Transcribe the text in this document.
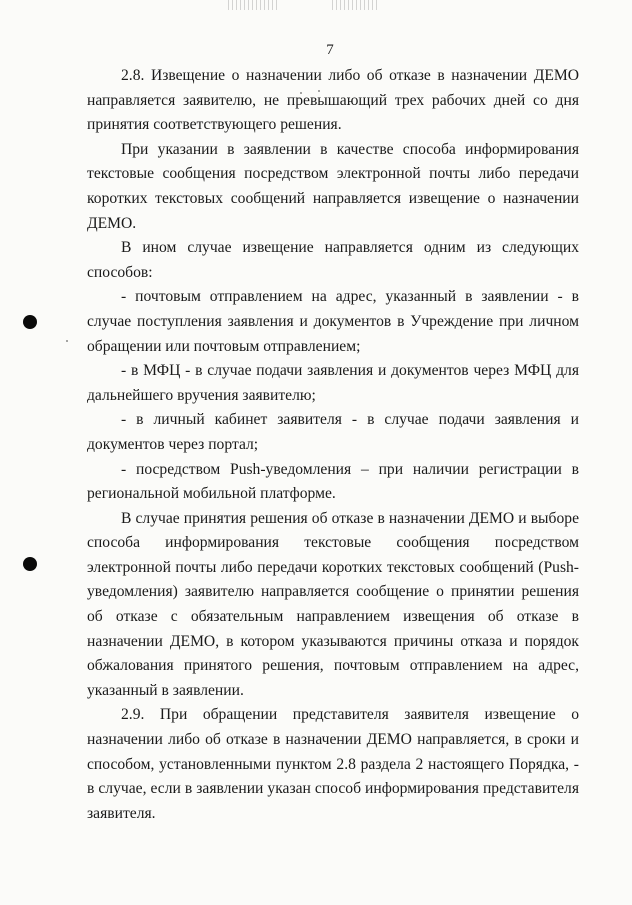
7

2.8. Извещение о назначении либо об отказе в назначении ДЕМО направляется заявителю, не превышающий трех рабочих дней со дня принятия соответствующего решения.

При указании в заявлении в качестве способа информирования текстовые сообщения посредством электронной почты либо передачи коротких текстовых сообщений направляется извещение о назначении ДЕМО.

В ином случае извещение направляется одним из следующих способов:

- почтовым отправлением на адрес, указанный в заявлении - в случае поступления заявления и документов в Учреждение при личном обращении или почтовым отправлением;

- в МФЦ - в случае подачи заявления и документов через МФЦ для дальнейшего вручения заявителю;

- в личный кабинет заявителя - в случае подачи заявления и документов через портал;

- посредством Push-уведомления – при наличии регистрации в региональной мобильной платформе.

В случае принятия решения об отказе в назначении ДЕМО и выборе способа информирования текстовые сообщения посредством электронной почты либо передачи коротких текстовых сообщений (Push-уведомления) заявителю направляется сообщение о принятии решения об отказе с обязательным направлением извещения об отказе в назначении ДЕМО, в котором указываются причины отказа и порядок обжалования принятого решения, почтовым отправлением на адрес, указанный в заявлении.

2.9. При обращении представителя заявителя извещение о назначении либо об отказе в назначении ДЕМО направляется, в сроки и способом, установленными пунктом 2.8 раздела 2 настоящего Порядка, - в случае, если в заявлении указан способ информирования представителя заявителя.
